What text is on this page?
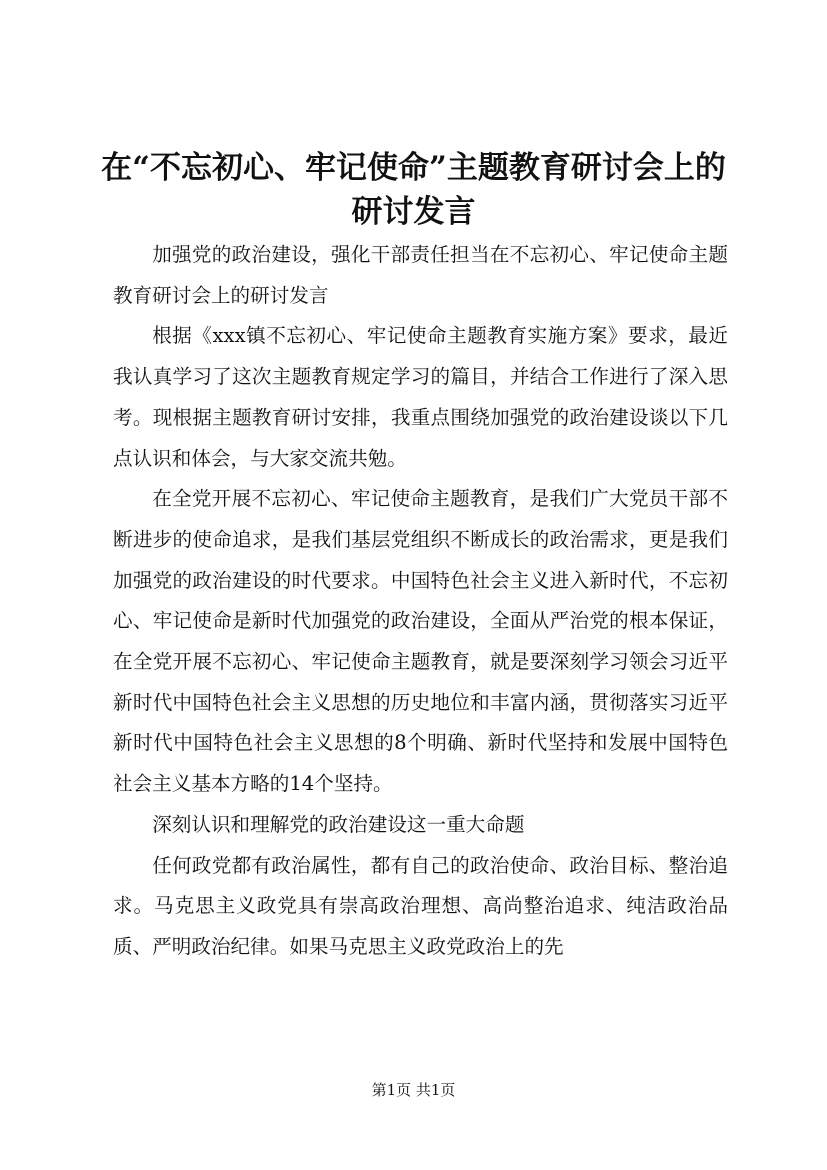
在“不忘初心、牢记使命”主题教育研讨会上的研讨发言

加强党的政治建设，强化干部责任担当在不忘初心、牢记使命主题教育研讨会上的研讨发言

根据《xxx镇不忘初心、牢记使命主题教育实施方案》要求，最近我认真学习了这次主题教育规定学习的篇目，并结合工作进行了深入思考。现根据主题教育研讨安排，我重点围绕加强党的政治建设谈以下几点认识和体会，与大家交流共勉。

在全党开展不忘初心、牢记使命主题教育，是我们广大党员干部不断进步的使命追求，是我们基层党组织不断成长的政治需求，更是我们加强党的政治建设的时代要求。中国特色社会主义进入新时代，不忘初心、牢记使命是新时代加强党的政治建设，全面从严治党的根本保证，在全党开展不忘初心、牢记使命主题教育，就是要深刻学习领会习近平新时代中国特色社会主义思想的历史地位和丰富内涵，贯彻落实习近平新时代中国特色社会主义思想的8个明确、新时代坚持和发展中国特色社会主义基本方略的14个坚持。

深刻认识和理解党的政治建设这一重大命题

任何政党都有政治属性，都有自己的政治使命、政治目标、整治追求。马克思主义政党具有崇高政治理想、高尚整治追求、纯洁政治品质、严明政治纪律。如果马克思主义政党政治上的先

第1页 共1页
